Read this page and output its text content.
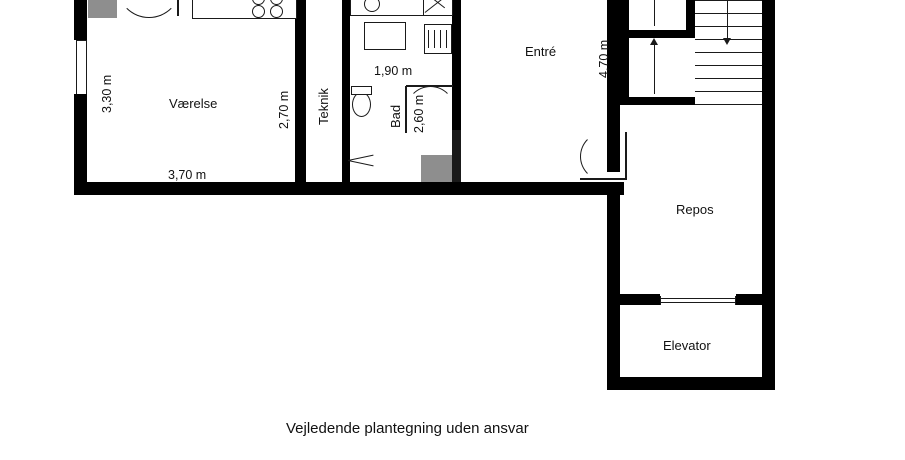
Værelse	Teknik	Bad
Entré
Repos
Elevator
3,70 m
3,30 m	2,70 m
1,90 m
2,60 m
4,70 m
Vejledende plantegning uden ansvar
